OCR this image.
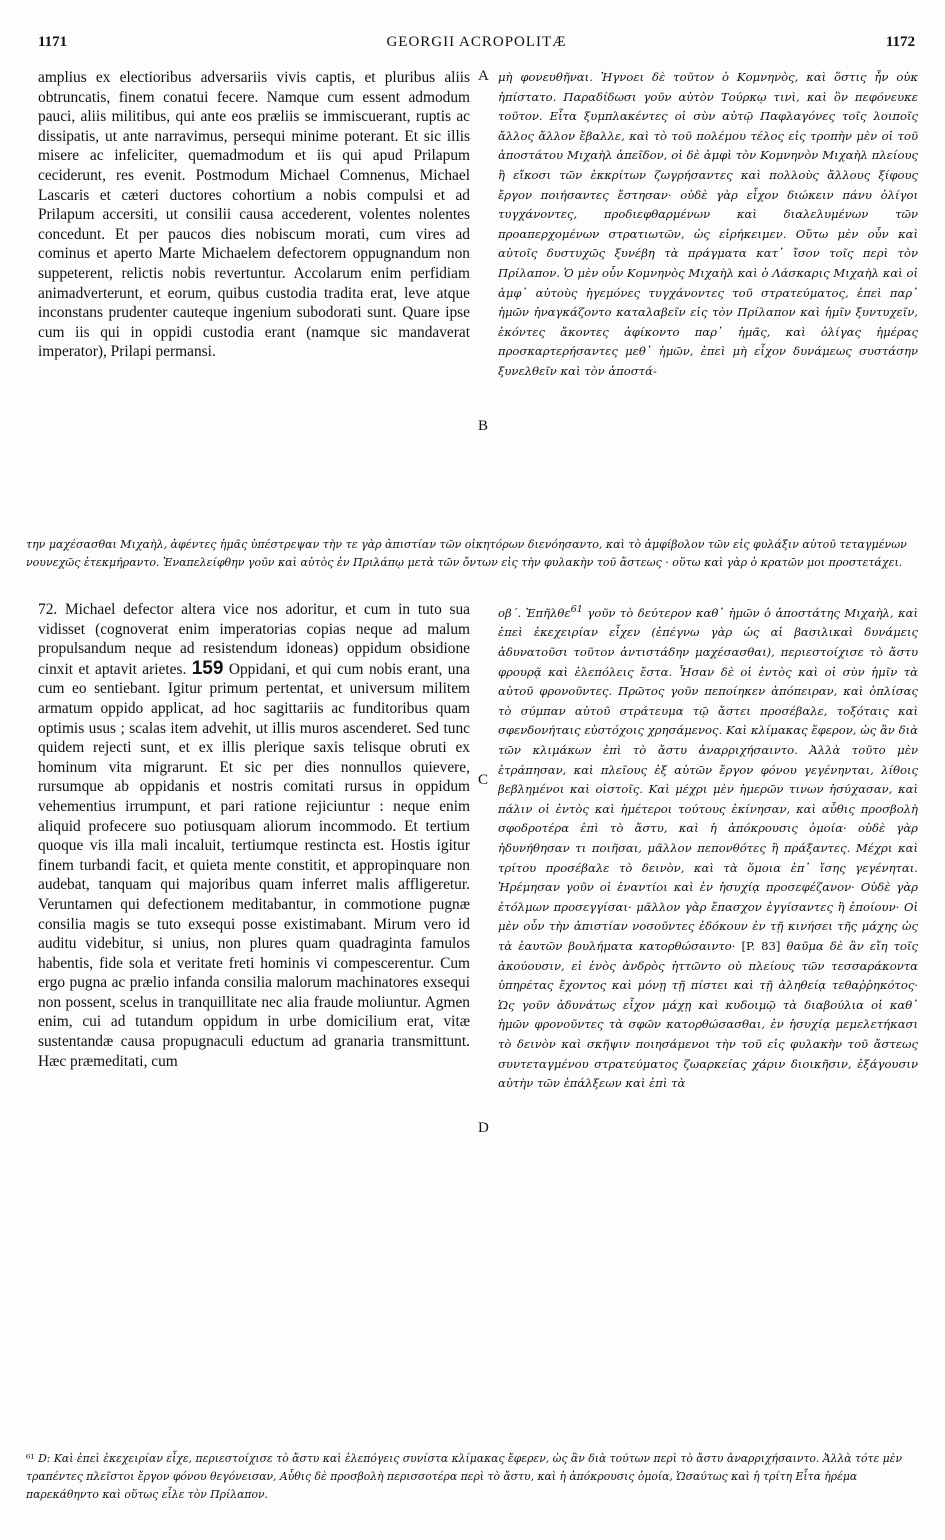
1171	GEORGII ACROPOLITÆ	1172

amplius ex electioribus adversariis vivis captis, et pluribus aliis obtruncatis, finem conatui fecere. Namque cum essent admodum pauci, aliis militibus, qui ante eos præliis se immiscuerant, ruptis ac dissipatis, ut ante narravimus, persequi minime poterant. Et sic illis misere ac infeliciter, quemadmodum et iis qui apud Prilapum ceciderunt, res evenit. Postmodum Michael Comnenus, Michael Lascaris et cæteri ductores cohortium a nobis compulsi et ad Prilapum accersiti, ut consilii causa accederent, volentes nolentes concedunt. Et per paucos dies nobiscum morati, cum vires ad cominus et aperto Marte Michaelem defectorem oppugnandum non suppeterent, relictis nobis revertuntur. Accolarum enim perfidiam animadverterunt, et eorum, quibus custodia tradita erat, leve atque inconstans prudenter cauteque ingenium subodorati sunt. Quare ipse cum iis qui in oppidi custodia erant (namque sic mandaverat imperator), Prilapi permansi.

μὴ φονευθῆναι. Ἠγνοει δὲ τοῦτον ὁ Κομνηνὸς, καὶ ὅστις ἦν οὐκ ἠπίστατο. Παραδίδωσι γοῦν αὐτὸν Τούρκῳ τινὶ, καὶ ὃν πεφόνευκε τοῦτον. Εἶτα ξυμπλακέντες οἱ σὺν αὐτῷ Παφλαγόνες τοῖς λοιποῖς ἄλλος ἄλλον ἔβαλλε, καὶ τὸ τοῦ πολέμου τέλος εἰς τροπὴν μὲν οἱ τοῦ ἀποστάτου Μιχαὴλ ἀπεῖδον, οἱ δὲ ἀμφὶ τὸν Κομνηνὸν Μιχαὴλ πλείους ἢ εἴκοσι τῶν ἐκκρίτων ζωγρήσαντες καὶ πολλοὺς ἄλλους ξίφους ἔργον ποιήσαντες ἔστησαν· οὐδὲ γὰρ εἶχον διώκειν πάνυ ὀλίγοι τυγχάνοντες, προδιεφθαρμένων καὶ διαλελυμένων τῶν προαπερχομένων στρατιωτῶν, ὡς εἰρήκειμεν. Οὕτω μὲν οὖν καὶ αὐτοῖς δυστυχῶς ξυνέβη τὰ πράγματα κατ᾽ ἴσον τοῖς περὶ τὸν Πρίλαπον. Ὁ μὲν οὖν Κομνηνὸς Μιχαὴλ καὶ ὁ Λάσκαρις Μιχαὴλ καὶ οἱ ἀμφ᾽ αὐτοὺς ἡγεμόνες τυγχάνοντες τοῦ στρατεύματος, ἐπεὶ παρ᾽ ἡμῶν ἠναγκάζοντο καταλαβεῖν εἰς τὸν Πρίλαπον καὶ ἡμῖν ξυντυχεῖν, ἑκόντες ἄκοντες ἀφίκοντο παρ᾽ ἡμᾶς, καὶ ὀλίγας ἡμέρας προσκαρτερήσαντες μεθ᾽ ἡμῶν, ἐπεὶ μὴ εἶχον δυνάμεως συστάσην ξυνελθεῖν καὶ τὸν ἀποστά-

A
B

την μαχέσασθαι Μιχαὴλ, ἀφέντες ἡμᾶς ὑπέστρεψαν τὴν τε γὰρ ἀπιστίαν τῶν οἰκητόρων διενόησαντο, καὶ τὸ ἀμφίβολον τῶν εἰς φυλάξιν αὐτοῦ τεταγμένων νουνεχῶς ἐτεκμήραντο. Ἐναπελείφθην γοῦν καὶ αὐτὸς ἐν Πριλάπῳ μετὰ τῶν ὄντων εἰς τὴν φυλακὴν τοῦ ἄστεως · οὕτω καὶ γὰρ ὁ κρατῶν μοι προστετάχει.

72. Michael defector altera vice nos adoritur, et cum in tuto sua vidisset (cognoverat enim imperatorias copias neque ad malum propulsandum neque ad resistendum idoneas) oppidum obsidione cinxit et aptavit arietes. 159 Oppidani, et qui cum nobis erant, una cum eo sentiebant. Igitur primum pertentat, et universum militem armatum oppido applicat, ad hoc sagittariis ac funditoribus quam optimis usus ; scalas item advehit, ut illis muros ascenderet. Sed tunc quidem rejecti sunt, et ex illis plerique saxis telisque obruti ex hominum vita migrarunt. Et sic per dies nonnullos quievere, rursumque ab oppidanis et nostris comitati rursus in oppidum vehementius irrumpunt, et pari ratione rejiciuntur : neque enim aliquid profecere suo potiusquam aliorum incommodo. Et tertium quoque vis illa mali incaluit, tertiumque restincta est. Hostis igitur finem turbandi facit, et quieta mente constitit, et appropinquare non audebat, tanquam qui majoribus quam inferret malis affligeretur. Veruntamen qui defectionem meditabantur, in commotione pugnæ consilia magis se tuto exsequi posse existimabant. Mirum vero id auditu videbitur, si unius, non plures quam quadraginta famulos habentis, fide sola et veritate freti hominis vi compescerentur. Cum ergo pugna ac prælio infanda consilia malorum machinatores exsequi non possent, scelus in tranquillitate nec alia fraude moliuntur. Agmen enim, cui ad tutandum oppidum in urbe domicilium erat, vitæ sustentandæ causa propugnaculi eductum ad granaria transmittunt. Hæc præmeditati, cum

οβ΄. Ἐπῆλθε$^{61}$ γοῦν τὸ δεύτερον καθ᾽ ἡμῶν ὁ ἀποστάτης Μιχαὴλ, καὶ ἐπεὶ ἐκεχειρίαν εἶχεν (ἐπέγνω γὰρ ὡς αἱ βασιλικαὶ δυνάμεις ἀδυνατοῦσι τοῦτον ἀντιστάδην μαχέσασθαι), περιεστοίχισε τὸ ἄστυ φρουρᾷ καὶ ἑλεπόλεις ἔστα. Ἦσαν δὲ οἱ ἐντὸς καὶ οἱ σὺν ἡμῖν τὰ αὐτοῦ φρονοῦντες. Πρῶτος γοῦν πεποίηκεν ἀπόπειραν, καὶ ὁπλίσας τὸ σύμπαν αὐτοῦ στράτευμα τῷ ἄστει προσέβαλε, τοξόταις καὶ σφενδονήταις εὐστόχοις χρησάμενος. Καὶ κλίμακας ἔφερον, ὡς ἂν διὰ τῶν κλιμάκων ἐπὶ τὸ ἄστυ ἀναρριχήσαιντο. Ἀλλὰ τοῦτο μὲν ἐτράπησαν, καὶ πλεῖους ἐξ αὐτῶν ἔργον φόνου γεγένηνται, λίθοις βεβλημένοι καὶ οἰστοῖς. Καὶ μέχρι μὲν ἡμερῶν τινων ἡσύχασαν, καὶ πάλιν οἱ ἐντὸς καὶ ἡμέτεροι τούτους ἐκίνησαν, καὶ αὖθις προσβολὴ σφοδροτέρα ἐπὶ τὸ ἄστυ, καὶ ἡ ἀπόκρουσις ὁμοία· οὐδὲ γὰρ ἠδυνήθησαν τι ποιῆσαι, μᾶλλον πεπονθότες ἢ πράξαντες. Μέχρι καὶ τρίτου προσέβαλε τὸ δεινὸν, καὶ τὰ ὅμοια ἐπ᾽ ἴσης γεγένηται. Ἠρέμησαν γοῦν οἱ ἐναντίοι καὶ ἐν ἡσυχίᾳ προσεφέζανον· Οὐδὲ γὰρ ἐτόλμων προσεγγίσαι· μᾶλλον γὰρ ἔπασχον ἐγγίσαντες ἢ ἐποίουν· Οἱ μὲν οὖν τὴν ἀπιστίαν νοσοῦντες ἐδόκουν ἐν τῇ κινήσει τῆς μάχης ὡς τὰ ἑαυτῶν βουλήματα κατορθώσαιντο· [P. 83] θαῦμα δὲ ἂν εἴη τοῖς ἀκούουσιν, εἰ ἑνὸς ἀνδρὸς ἡττῶντο οὐ πλείους τῶν τεσσαράκοντα ὑπηρέτας ἔχοντος καὶ μόνῃ τῇ πίστει καὶ τῇ ἀληθείᾳ τεθαῤῥηκότος· Ὡς γοῦν ἀδυνάτως εἶχον μάχῃ καὶ κυδοιμῷ τὰ διαβούλια οἱ καθ᾽ ἡμῶν φρονοῦντες τὰ σφῶν κατορθώσασθαι, ἐν ἡσυχίᾳ μεμελετήκασι τὸ δεινὸν καὶ σκῆψιν ποιησάμενοι τὴν τοῦ εἰς φυλακὴν τοῦ ἄστεως συντεταγμένου στρατεύματος ζωαρκείας χάριν διοικῆσιν, ἐξάγουσιν αὐτὴν τῶν ἐπάλξεων καὶ ἐπὶ τὰ

C
D

⁶¹ D: Καὶ ἐπεὶ ἐκεχειρίαν εἶχε, περιεστοίχισε τὸ ἄστυ καὶ ἑλεπόγεις συνίστα κλίμακας ἔφερεν, ὡς ἂν διὰ τούτων περὶ τὸ ἄστυ ἀναρριχήσαιντο. Ἀλλὰ τότε μὲν τραπέντες πλεῖστοι ἔργον φόνου θεγόνεισαν, Αὖθις δὲ προσβολὴ περισσοτέρα περὶ τὸ ἄστυ, καὶ ἡ ἀπόκρουσις ὁμοία, Ὡσαύτως καὶ ἡ τρίτη Εἶτα ἠρέμα παρεκάθηντο καὶ οὕτως εἶλε τὸν Πρίλαπον.
